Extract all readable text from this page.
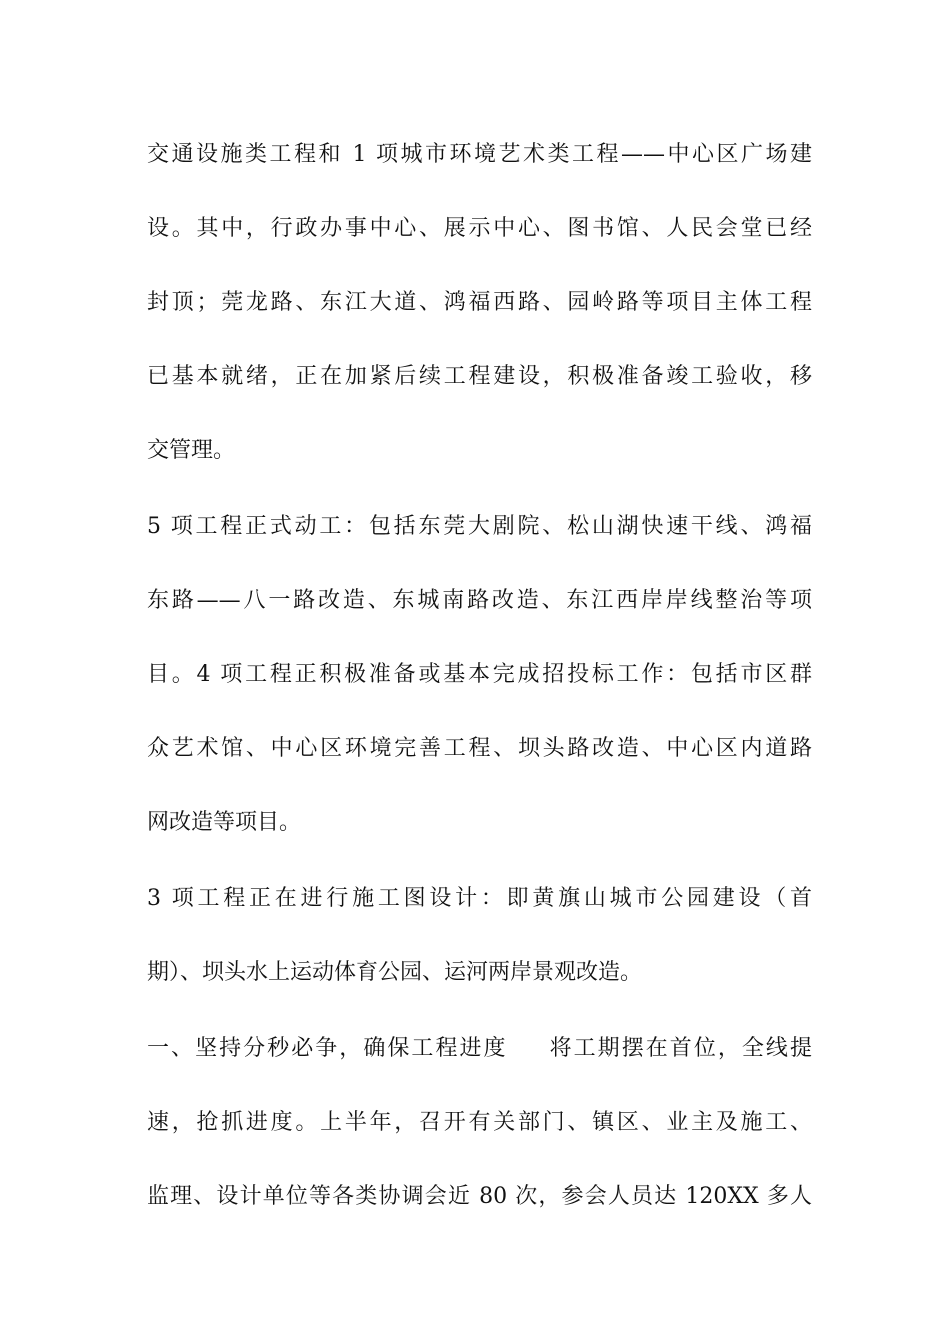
交通设施类工程和 1 项城市环境艺术类工程——中心区广场建
设。其中，行政办事中心、展示中心、图书馆、人民会堂已经
封顶；莞龙路、东江大道、鸿福西路、园岭路等项目主体工程
已基本就绪，正在加紧后续工程建设，积极准备竣工验收，移
交管理。
5 项工程正式动工：包括东莞大剧院、松山湖快速干线、鸿福
东路——八一路改造、东城南路改造、东江西岸岸线整治等项
目。4 项工程正积极准备或基本完成招投标工作：包括市区群
众艺术馆、中心区环境完善工程、坝头路改造、中心区内道路
网改造等项目。
3 项工程正在进行施工图设计：即黄旗山城市公园建设（首
期）、坝头水上运动体育公园、运河两岸景观改造。
一、坚持分秒必争，确保工程进度 将工期摆在首位，全线提
速，抢抓进度。上半年，召开有关部门、镇区、业主及施工、
监理、设计单位等各类协调会近 80 次，参会人员达 120XX 多人
